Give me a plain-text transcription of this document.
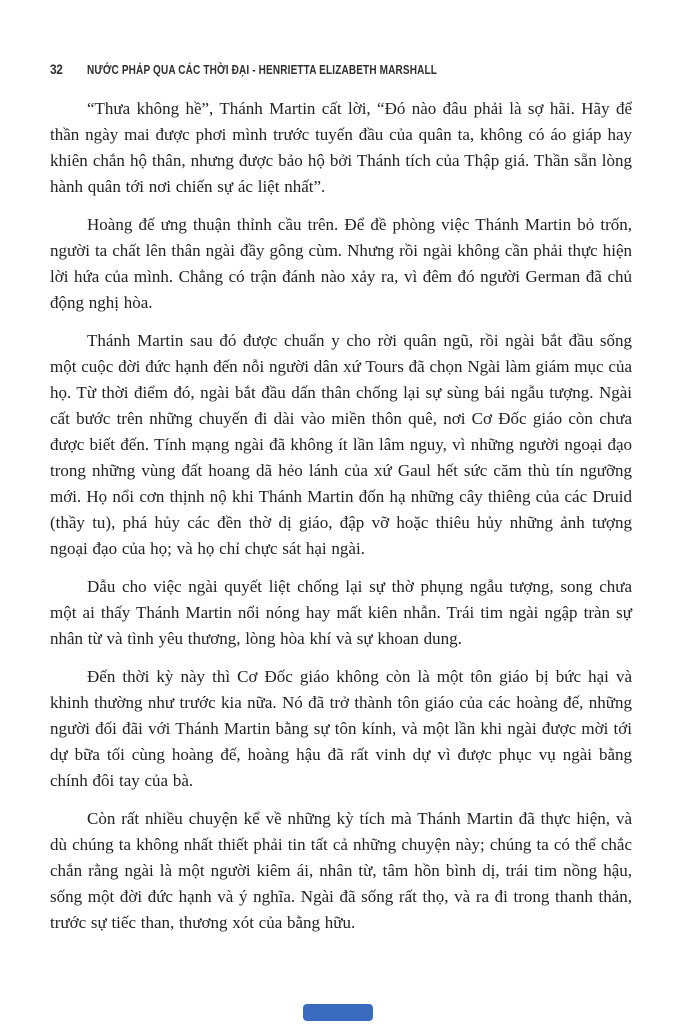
32 NƯỚC PHÁP QUA CÁC THỜI ĐẠI - HENRIETTA ELIZABETH MARSHALL

“Thưa không hề”, Thánh Martin cất lời, “Đó nào đâu phải là sợ hãi. Hãy để thần ngày mai được phơi mình trước tuyến đầu của quân ta, không có áo giáp hay khiên chắn hộ thân, nhưng được bảo hộ bởi Thánh tích của Thập giá. Thần sẵn lòng hành quân tới nơi chiến sự ác liệt nhất”.

Hoàng đế ưng thuận thỉnh cầu trên. Để đề phòng việc Thánh Martin bỏ trốn, người ta chất lên thân ngài đầy gông cùm. Nhưng rồi ngài không cần phải thực hiện lời hứa của mình. Chẳng có trận đánh nào xảy ra, vì đêm đó người German đã chủ động nghị hòa.

Thánh Martin sau đó được chuẩn y cho rời quân ngũ, rồi ngài bắt đầu sống một cuộc đời đức hạnh đến nỗi người dân xứ Tours đã chọn Ngài làm giám mục của họ. Từ thời điểm đó, ngài bắt đầu dấn thân chống lại sự sùng bái ngẫu tượng. Ngài cất bước trên những chuyến đi dài vào miền thôn quê, nơi Cơ Đốc giáo còn chưa được biết đến. Tính mạng ngài đã không ít lần lâm nguy, vì những người ngoại đạo trong những vùng đất hoang dã hẻo lánh của xứ Gaul hết sức căm thù tín ngưỡng mới. Họ nổi cơn thịnh nộ khi Thánh Martin đốn hạ những cây thiêng của các Druid (thầy tu), phá hủy các đền thờ dị giáo, đập vỡ hoặc thiêu hủy những ảnh tượng ngoại đạo của họ; và họ chỉ chực sát hại ngài.

Dẫu cho việc ngài quyết liệt chống lại sự thờ phụng ngẫu tượng, song chưa một ai thấy Thánh Martin nổi nóng hay mất kiên nhẫn. Trái tim ngài ngập tràn sự nhân từ và tình yêu thương, lòng hòa khí và sự khoan dung.

Đến thời kỳ này thì Cơ Đốc giáo không còn là một tôn giáo bị bức hại và khinh thường như trước kia nữa. Nó đã trở thành tôn giáo của các hoàng đế, những người đối đãi với Thánh Martin bằng sự tôn kính, và một lần khi ngài được mời tới dự bữa tối cùng hoàng đế, hoàng hậu đã rất vinh dự vì được phục vụ ngài bằng chính đôi tay của bà.

Còn rất nhiều chuyện kể về những kỳ tích mà Thánh Martin đã thực hiện, và dù chúng ta không nhất thiết phải tin tất cả những chuyện này; chúng ta có thể chắc chắn rằng ngài là một người kiêm ái, nhân từ, tâm hồn bình dị, trái tim nồng hậu, sống một đời đức hạnh và ý nghĩa. Ngài đã sống rất thọ, và ra đi trong thanh thản, trước sự tiếc than, thương xót của bằng hữu.
